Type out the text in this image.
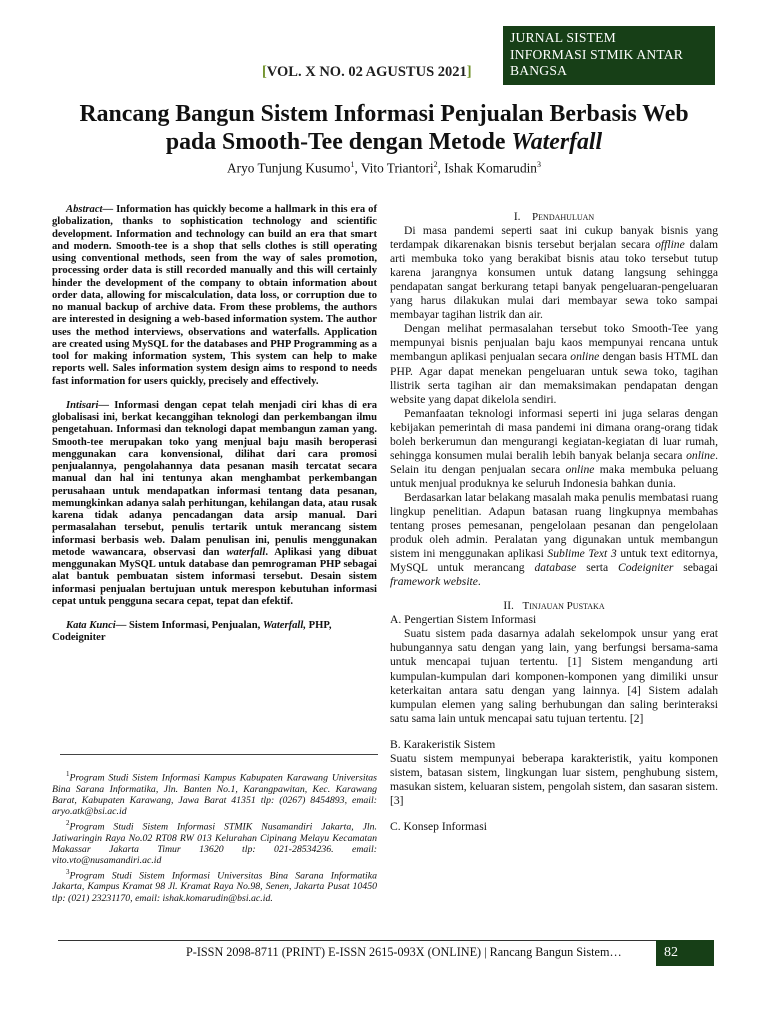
[VOL. X NO. 02 AGUSTUS 2021]
JURNAL SISTEM
INFORMASI STMIK ANTAR
BANGSA
Rancang Bangun Sistem Informasi Penjualan Berbasis Web
pada Smooth-Tee dengan Metode Waterfall
Aryo Tunjung Kusumo$^1$, Vito Triantori$^2$, Ishak Komarudin$^3$

Abstract— Information has quickly become a hallmark in this era of globalization, thanks to sophistication technology and scientific development. Information and technology can build an era that smart and modern. Smooth-tee is a shop that sells clothes is still operating using conventional methods, seen from the way of sales promotion, processing order data is still recorded manually and this will certainly hinder the development of the company to obtain information about order data, allowing for miscalculation, data loss, or corruption due to no manual backup of archive data. From these problems, the authors are interested in designing a web-based information system. The author uses the method interviews, observations and waterfalls. Application are created using MySQL for the databases and PHP Programming as a tool for making information system, This system can help to make reports well. Sales information system design aims to respond to needs fast information for users quickly, precisely and effectively.

Intisari— Informasi dengan cepat telah menjadi ciri khas di era globalisasi ini, berkat kecanggihan teknologi dan perkembangan ilmu pengetahuan. Informasi dan teknologi dapat membangun zaman yang. Smooth-tee merupakan toko yang menjual baju masih beroperasi menggunakan cara konvensional, dilihat dari cara promosi penjualannya, pengolahannya data pesanan masih tercatat secara manual dan hal ini tentunya akan menghambat perkembangan perusahaan untuk mendapatkan informasi tentang data pesanan, memungkinkan adanya salah perhitungan, kehilangan data, atau rusak karena tidak adanya pencadangan data arsip manual. Dari permasalahan tersebut, penulis tertarik untuk merancang sistem informasi berbasis web. Dalam penulisan ini, penulis menggunakan metode wawancara, observasi dan waterfall. Aplikasi yang dibuat menggunakan MySQL untuk database dan pemrograman PHP sebagai alat bantuk pembuatan sistem informasi tersebut. Desain sistem informasi penjualan bertujuan untuk merespon kebutuhan informasi cepat untuk pengguna secara cepat, tepat dan efektif.

Kata Kunci— Sistem Informasi, Penjualan, Waterfall, PHP,
Codeigniter

$^1$Program Studi Sistem Informasi Kampus Kabupaten Karawang Universitas Bina Sarana Informatika, Jln. Banten No.1, Karangpawitan, Kec. Karawang Barat, Kabupaten Karawang, Jawa Barat 41351 tlp: (0267) 8454893, email: aryo.atk@bsi.ac.id

$^2$Program Studi Sistem Informasi STMIK Nusamandiri Jakarta, Jln. Jatiwaringin Raya No.02 RT08 RW 013 Kelurahan Cipinang Melayu Kecamatan Makassar Jakarta Timur 13620 tlp: 021-28534236. email: vito.vto@nusamandiri.ac.id

$^3$Program Studi Sistem Informasi Universitas Bina Sarana Informatika Jakarta, Kampus Kramat 98 Jl. Kramat Raya No.98, Senen, Jakarta Pusat 10450 tlp: (021) 23231170, email: ishak.komarudin@bsi.ac.id.

I. Pendahuluan

Di masa pandemi seperti saat ini cukup banyak bisnis yang terdampak dikarenakan bisnis tersebut berjalan secara offline dalam arti membuka toko yang berakibat bisnis atau toko tersebut tutup karena jarangnya konsumen untuk datang langsung sehingga pendapatan sangat berkurang tetapi banyak pengeluaran-pengeluaran yang harus dilakukan mulai dari membayar sewa toko sampai membayar tagihan listrik dan air.

Dengan melihat permasalahan tersebut toko Smooth-Tee yang mempunyai bisnis penjualan baju kaos mempunyai rencana untuk membangun aplikasi penjualan secara online dengan basis HTML dan PHP. Agar dapat menekan pengeluaran untuk sewa toko, tagihan llistrik serta tagihan air dan memaksimakan pendapatan dengan website yang dapat dikelola sendiri.

Pemanfaatan teknologi informasi seperti ini juga selaras dengan kebijakan pemerintah di masa pandemi ini dimana orang-orang tidak boleh berkerumun dan mengurangi kegiatan-kegiatan di luar rumah, sehingga konsumen mulai beralih lebih banyak belanja secara online. Selain itu dengan penjualan secara online maka membuka peluang untuk menjual produknya ke seluruh Indonesia bahkan dunia.

Berdasarkan latar belakang masalah maka penulis membatasi ruang lingkup penelitian. Adapun batasan ruang lingkupnya membahas tentang proses pemesanan, pengelolaan pesanan dan pengelolaan produk oleh admin. Peralatan yang digunakan untuk membangun sistem ini menggunakan aplikasi Sublime Text 3 untuk text editornya, MySQL untuk merancang database serta Codeigniter sebagai framework website.

II. Tinjauan Pustaka

A. Pengertian Sistem Informasi

Suatu sistem pada dasarnya adalah sekelompok unsur yang erat hubungannya satu dengan yang lain, yang berfungsi bersama-sama untuk mencapai tujuan tertentu. [1] Sistem mengandung arti kumpulan-kumpulan dari komponen-komponen yang dimiliki unsur keterkaitan antara satu dengan yang lainnya. [4] Sistem adalah kumpulan elemen yang saling berhubungan dan saling berinteraksi satu sama lain untuk mencapai satu tujuan tertentu. [2]

B. Karakeristik Sistem

Suatu sistem mempunyai beberapa karakteristik, yaitu komponen sistem, batasan sistem, lingkungan luar sistem, penghubung sistem, masukan sistem, keluaran sistem, pengolah sistem, dan sasaran sistem. [3]

C. Konsep Informasi

P-ISSN 2098-8711 (PRINT) E-ISSN 2615-093X (ONLINE) | Rancang Bangun Sistem…	82
